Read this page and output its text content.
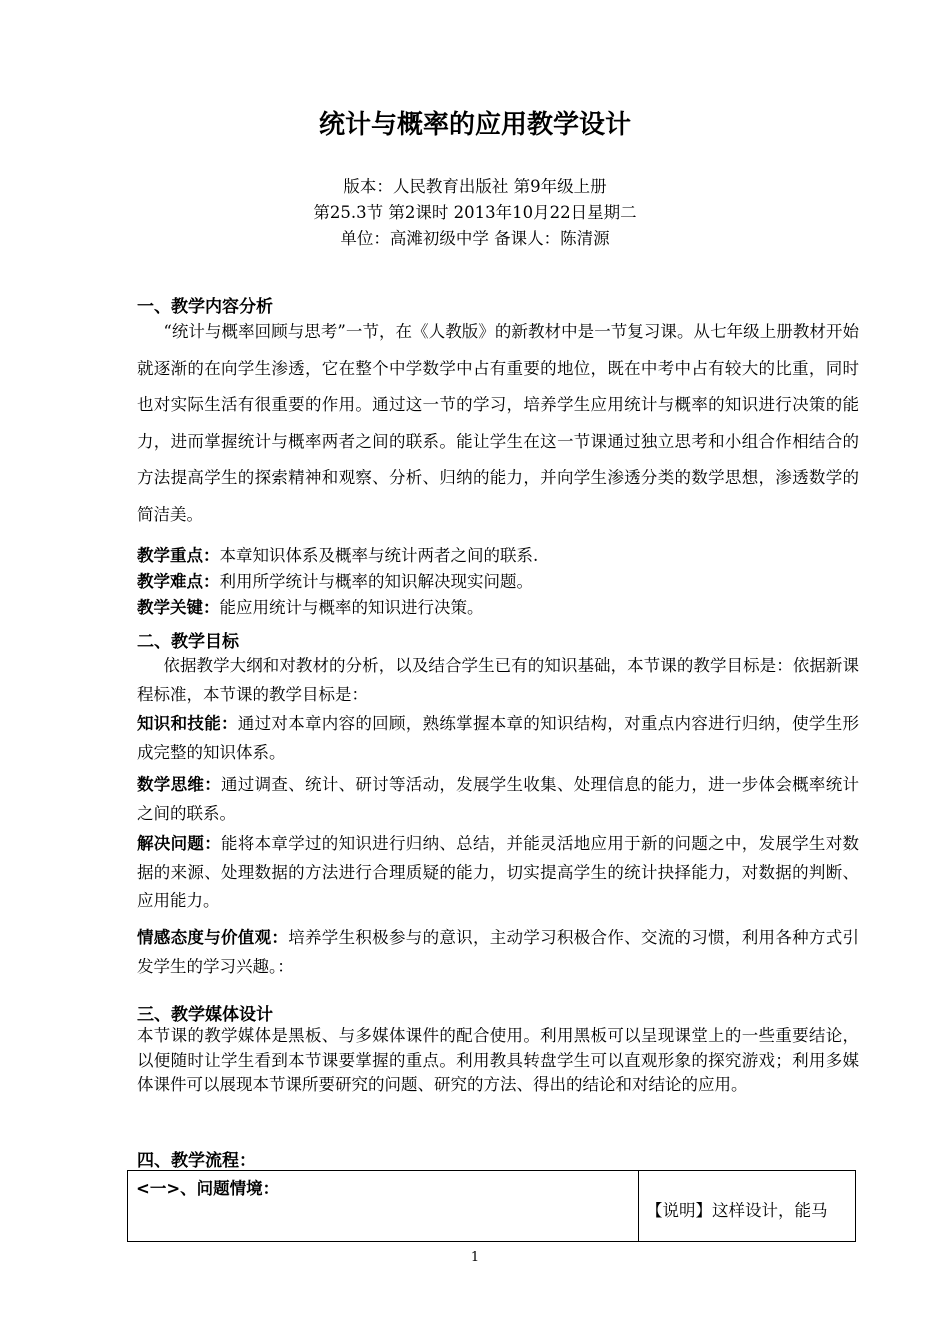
统计与概率的应用教学设计
版本：人民教育出版社 第9年级上册
第25.3节 第2课时 2013年10月22日星期二
单位：高滩初级中学 备课人：陈清源
一、教学内容分析

“统计与概率回顾与思考”一节，在《人教版》的新教材中是一节复习课。从七年级上册教材开始就逐渐的在向学生渗透，它在整个中学数学中占有重要的地位，既在中考中占有较大的比重，同时也对实际生活有很重要的作用。通过这一节的学习，培养学生应用统计与概率的知识进行决策的能力，进而掌握统计与概率两者之间的联系。能让学生在这一节课通过独立思考和小组合作相结合的方法提高学生的探索精神和观察、分析、归纳的能力，并向学生渗透分类的数学思想，渗透数学的简洁美。

教学重点：本章知识体系及概率与统计两者之间的联系.
教学难点：利用所学统计与概率的知识解决现实问题。
教学关键：能应用统计与概率的知识进行决策。
二、教学目标

依据教学大纲和对教材的分析，以及结合学生已有的知识基础，本节课的教学目标是：依据新课程标准，本节课的教学目标是：

知识和技能：通过对本章内容的回顾，熟练掌握本章的知识结构，对重点内容进行归纳，使学生形成完整的知识体系。

数学思维：通过调查、统计、研讨等活动，发展学生收集、处理信息的能力，进一步体会概率统计之间的联系。

解决问题：能将本章学过的知识进行归纳、总结，并能灵活地应用于新的问题之中，发展学生对数据的来源、处理数据的方法进行合理质疑的能力，切实提高学生的统计抉择能力，对数据的判断、应用能力。

情感态度与价值观：培养学生积极参与的意识，主动学习积极合作、交流的习惯，利用各种方式引发学生的学习兴趣。：

三、教学媒体设计

本节课的教学媒体是黑板、与多媒体课件的配合使用。利用黑板可以呈现课堂上的一些重要结论，以便随时让学生看到本节课要掌握的重点。利用教具转盘学生可以直观形象的探究游戏；利用多媒体课件可以展现本节课所要研究的问题、研究的方法、得出的结论和对结论的应用。

四、教学流程：
<一>、问题情境：
【说明】这样设计，能马
1
